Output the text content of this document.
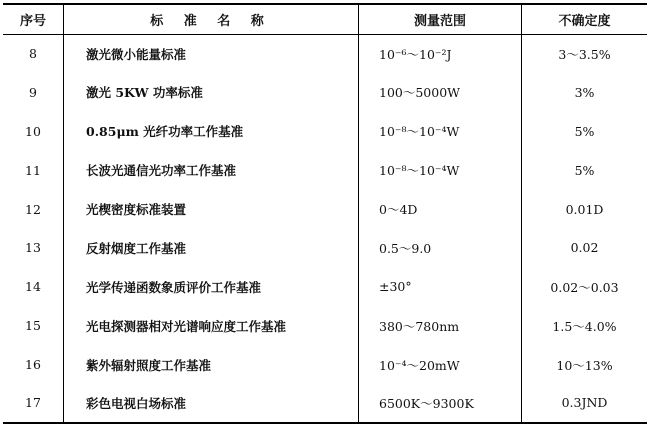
序号	标 准 名 称	测量范围	不确定度
8	激光微小能量标准	10⁻⁶～10⁻²J	3～3.5%
9	激光 5KW 功率标准	100～5000W	3%
10	0.85μm 光纤功率工作基准	10⁻⁸～10⁻⁴W	5%
11	长波光通信光功率工作基准	10⁻⁸～10⁻⁴W	5%
12	光楔密度标准装置	0～4D	0.01D
13	反射烟度工作基准	0.5～9.0	0.02
14	光学传递函数象质评价工作基准	±30°	0.02～0.03
15	光电探测器相对光谱响应度工作基准	380～780nm	1.5～4.0%
16	紫外辐射照度工作基准	10⁻⁴～20mW	10～13%
17	彩色电视白场标准	6500K～9300K	0.3JND
